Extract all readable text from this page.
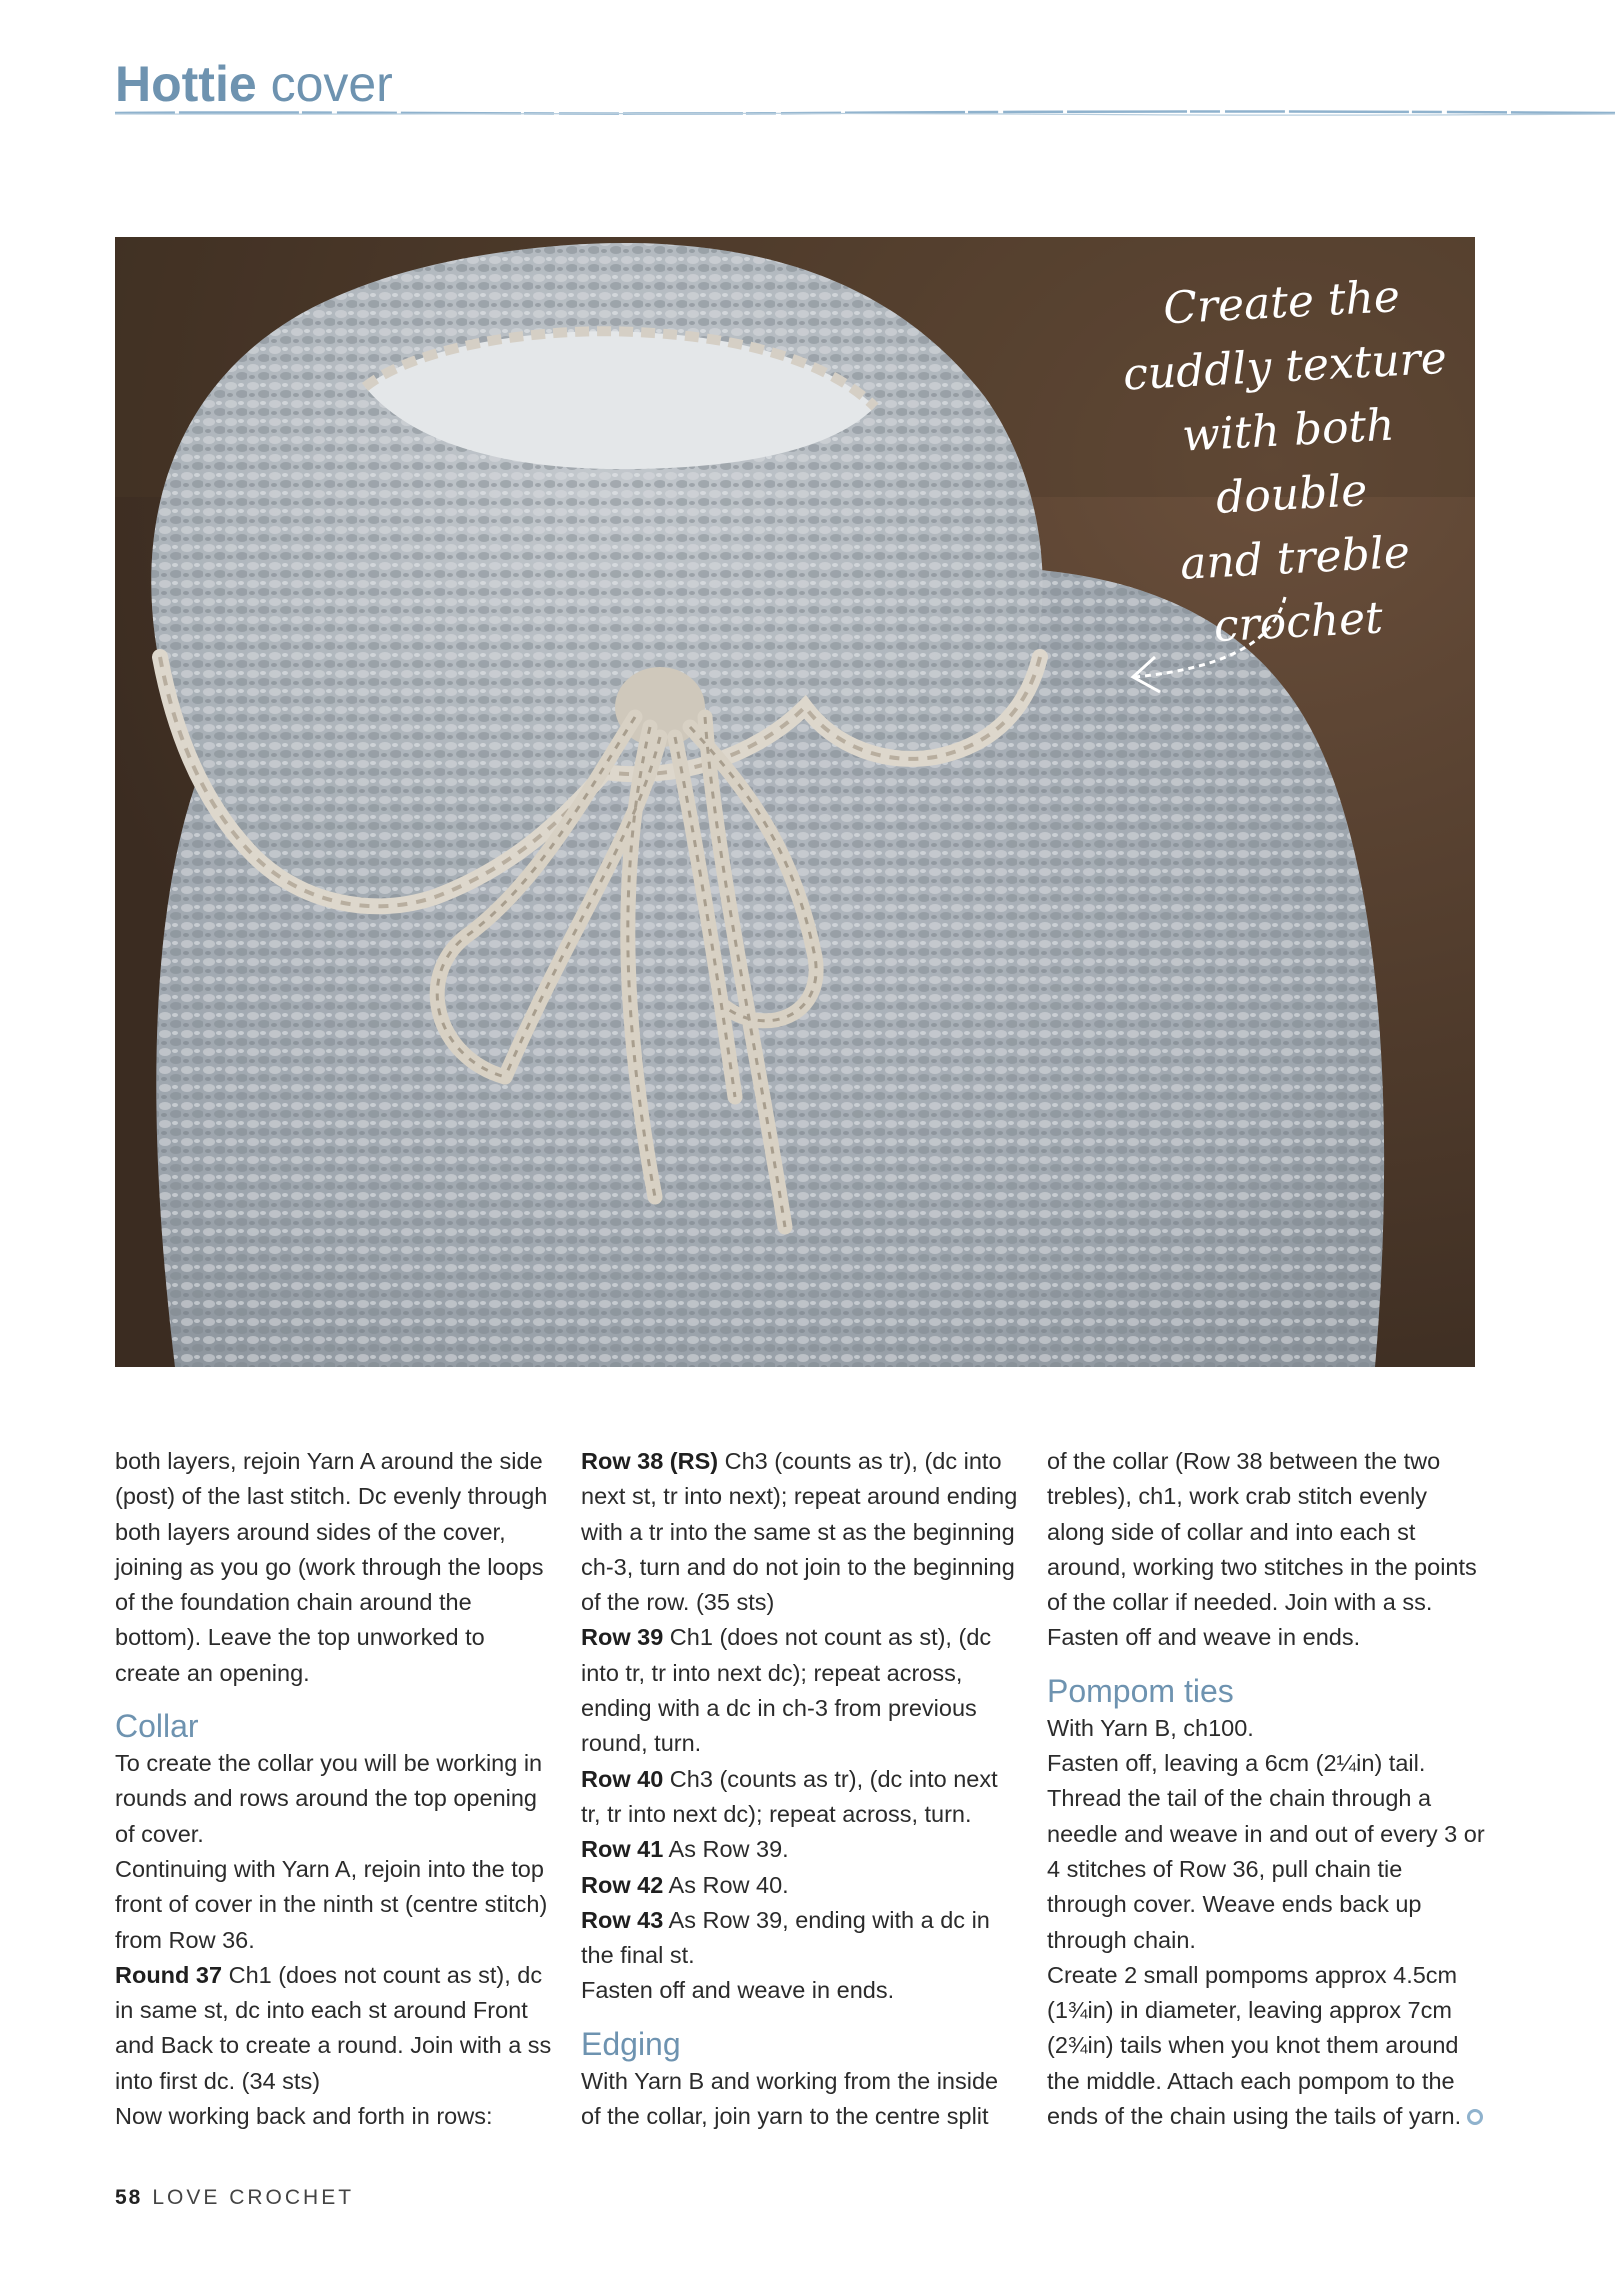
Hottie cover
Create the
cuddly texture
with both double
and treble
crochet

both layers, rejoin Yarn A around the side (post) of the last stitch. Dc evenly through both layers around sides of the cover, joining as you go (work through the loops of the foundation chain around the bottom). Leave the top unworked to create an opening.

Collar

To create the collar you will be working in rounds and rows around the top opening of cover.

Continuing with Yarn A, rejoin into the top front of cover in the ninth st (centre stitch) from Row 36.

Round 37 Ch1 (does not count as st), dc in same st, dc into each st around Front and Back to create a round. Join with a ss into first dc. (34 sts)

Now working back and forth in rows:

Row 38 (RS) Ch3 (counts as tr), (dc into next st, tr into next); repeat around ending with a tr into the same st as the beginning ch-3, turn and do not join to the beginning of the row. (35 sts)

Row 39 Ch1 (does not count as st), (dc into tr, tr into next dc); repeat across, ending with a dc in ch-3 from previous round, turn.

Row 40 Ch3 (counts as tr), (dc into next tr, tr into next dc); repeat across, turn.

Row 41 As Row 39.

Row 42 As Row 40.

Row 43 As Row 39, ending with a dc in the final st.

Fasten off and weave in ends.

Edging

With Yarn B and working from the inside of the collar, join yarn to the centre split

of the collar (Row 38 between the two trebles), ch1, work crab stitch evenly along side of collar and into each st around, working two stitches in the points of the collar if needed. Join with a ss.

Fasten off and weave in ends.

Pompom ties

With Yarn B, ch100.

Fasten off, leaving a 6cm (2¼in) tail.

Thread the tail of the chain through a needle and weave in and out of every 3 or 4 stitches of Row 36, pull chain tie through cover. Weave ends back up through chain.

Create 2 small pompoms approx 4.5cm (1¾in) in diameter, leaving approx 7cm (2¾in) tails when you knot them around the middle. Attach each pompom to the ends of the chain using the tails of yarn.

58 LOVE CROCHET
